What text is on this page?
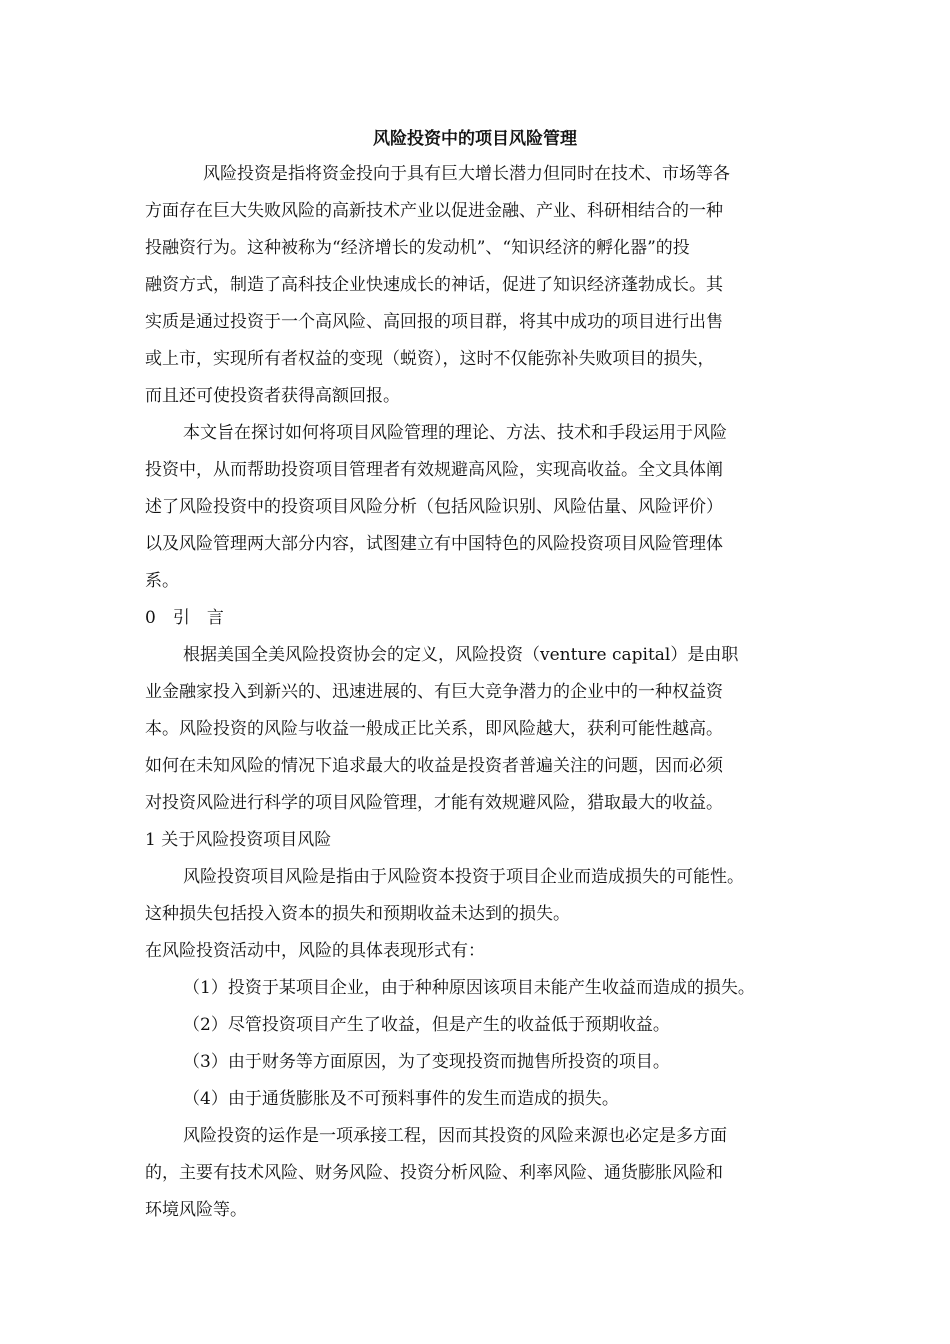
风险投资中的项目风险管理

风险投资是指将资金投向于具有巨大增长潜力但同时在技术、市场等各

方面存在巨大失败风险的高新技术产业以促进金融、产业、科研相结合的一种

投融资行为。这种被称为“经济增长的发动机”、“知识经济的孵化器”的投

融资方式，制造了高科技企业快速成长的神话，促进了知识经济蓬勃成长。其

实质是通过投资于一个高风险、高回报的项目群，将其中成功的项目进行出售

或上市，实现所有者权益的变现（蜕资），这时不仅能弥补失败项目的损失，

而且还可使投资者获得高额回报。

本文旨在探讨如何将项目风险管理的理论、方法、技术和手段运用于风险

投资中，从而帮助投资项目管理者有效规避高风险，实现高收益。全文具体阐

述了风险投资中的投资项目风险分析（包括风险识别、风险估量、风险评价）

以及风险管理两大部分内容，试图建立有中国特色的风险投资项目风险管理体

系。

0　引　言

根据美国全美风险投资协会的定义，风险投资（venture capital）是由职

业金融家投入到新兴的、迅速进展的、有巨大竞争潜力的企业中的一种权益资

本。风险投资的风险与收益一般成正比关系，即风险越大，获利可能性越高。

如何在未知风险的情况下追求最大的收益是投资者普遍关注的问题，因而必须

对投资风险进行科学的项目风险管理，才能有效规避风险，猎取最大的收益。

1 关于风险投资项目风险

风险投资项目风险是指由于风险资本投资于项目企业而造成损失的可能性。

这种损失包括投入资本的损失和预期收益未达到的损失。

在风险投资活动中，风险的具体表现形式有：

（1）投资于某项目企业，由于种种原因该项目未能产生收益而造成的损失。

（2）尽管投资项目产生了收益，但是产生的收益低于预期收益。

（3）由于财务等方面原因，为了变现投资而抛售所投资的项目。

（4）由于通货膨胀及不可预料事件的发生而造成的损失。

风险投资的运作是一项承接工程，因而其投资的风险来源也必定是多方面

的，主要有技术风险、财务风险、投资分析风险、利率风险、通货膨胀风险和

环境风险等。
